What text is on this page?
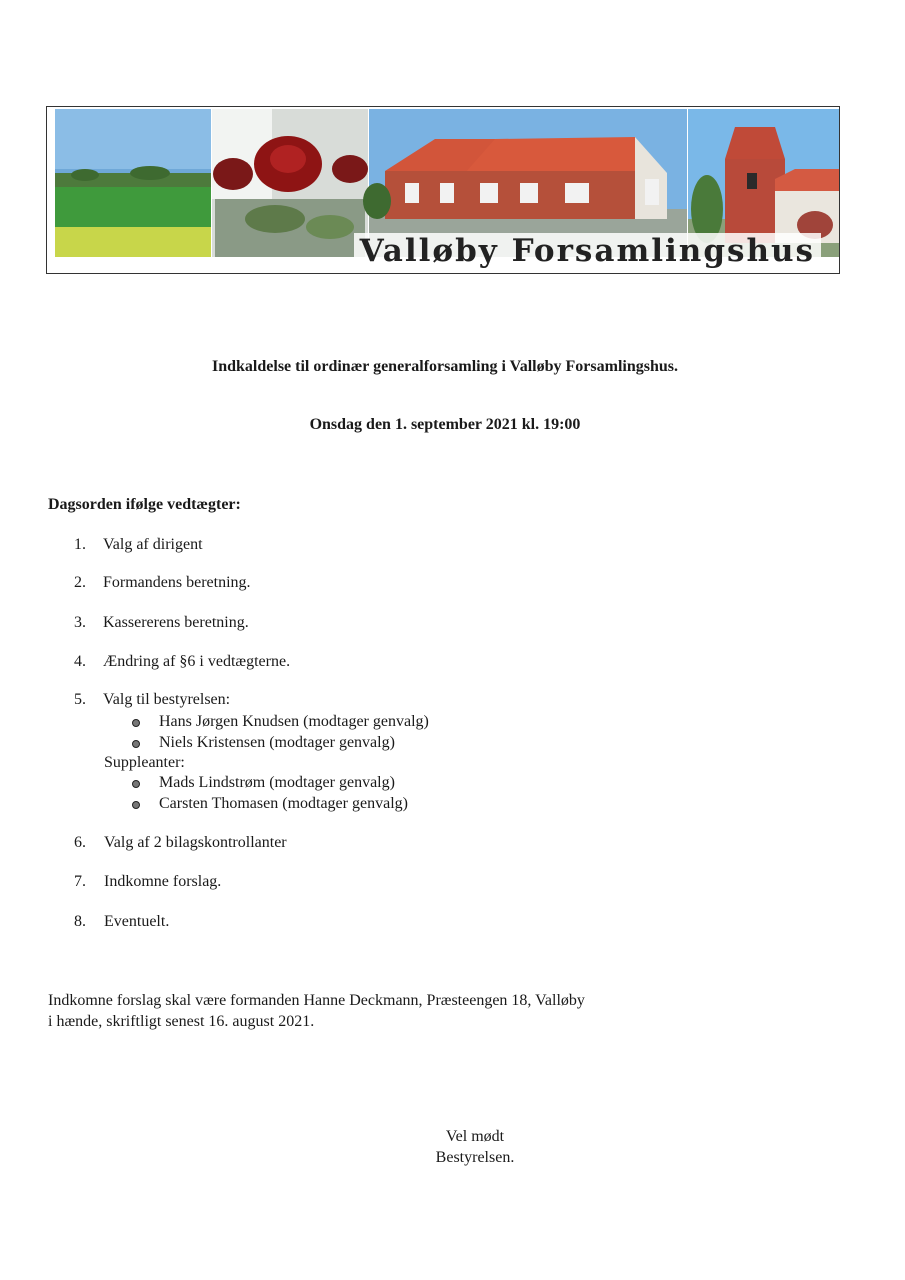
Valløby Forsamlingshus
Indkaldelse til ordinær generalforsamling i Valløby Forsamlingshus.
Onsdag den 1. september 2021 kl. 19:00
Dagsorden ifølge vedtægter:
1. Valg af dirigent
2. Formandens beretning.
3. Kassererens beretning.
4. Ændring af §6 i vedtægterne.
5. Valg til bestyrelsen:
Hans Jørgen Knudsen (modtager genvalg)
Niels Kristensen (modtager genvalg)
Suppleanter:
Mads Lindstrøm (modtager genvalg)
Carsten Thomasen (modtager genvalg)
6. Valg af 2 bilagskontrollanter
7. Indkomne forslag.
8. Eventuelt.
Indkomne forslag skal være formanden Hanne Deckmann, Præsteengen 18, Valløby
i hænde, skriftligt senest 16. august 2021.
Vel mødt
Bestyrelsen.
